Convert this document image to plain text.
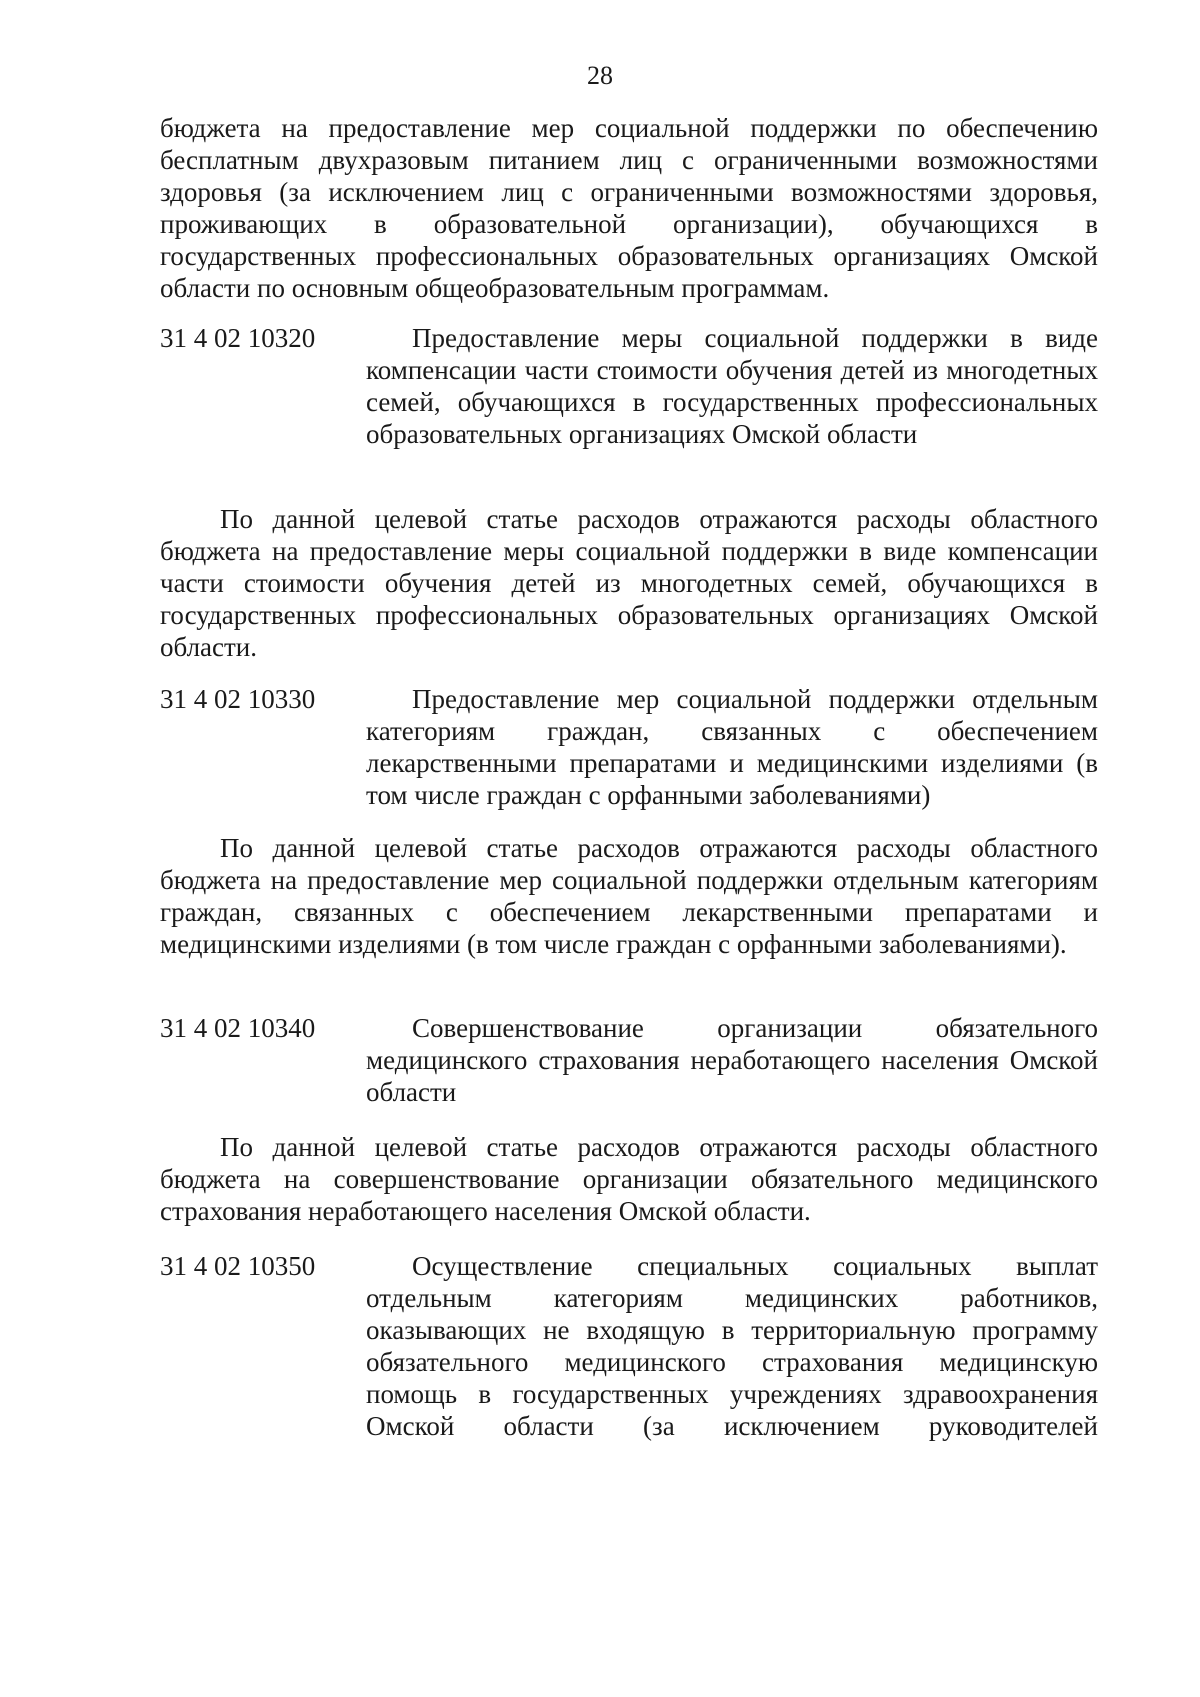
28

бюджета на предоставление мер социальной поддержки по обеспечению бесплатным двухразовым питанием лиц с ограниченными возможностями здоровья (за исключением лиц с ограниченными возможностями здоровья, проживающих в образовательной организации), обучающихся в государственных профессиональных образовательных организациях Омской области по основным общеобразовательным программам.

31 4 02 10320	Предоставление меры социальной поддержки в виде компенсации части стоимости обучения детей из многодетных семей, обучающихся в государственных профессиональных образовательных организациях Омской области

По данной целевой статье расходов отражаются расходы областного бюджета на предоставление меры социальной поддержки в виде компенсации части стоимости обучения детей из многодетных семей, обучающихся в государственных профессиональных образовательных организациях Омской области.

31 4 02 10330	Предоставление мер социальной поддержки отдельным категориям граждан, связанных с обеспечением лекарственными препаратами и медицинскими изделиями (в том числе граждан с орфанными заболеваниями)

По данной целевой статье расходов отражаются расходы областного бюджета на предоставление мер социальной поддержки отдельным категориям граждан, связанных с обеспечением лекарственными препаратами и медицинскими изделиями (в том числе граждан с орфанными заболеваниями).

31 4 02 10340	Совершенствование организации обязательного медицинского страхования неработающего населения Омской области

По данной целевой статье расходов отражаются расходы областного бюджета на совершенствование организации обязательного медицинского страхования неработающего населения Омской области.

31 4 02 10350	Осуществление специальных социальных выплат отдельным категориям медицинских работников, оказывающих не входящую в территориальную программу обязательного медицинского страхования медицинскую помощь в государственных учреждениях здравоохранения Омской области (за исключением руководителей
